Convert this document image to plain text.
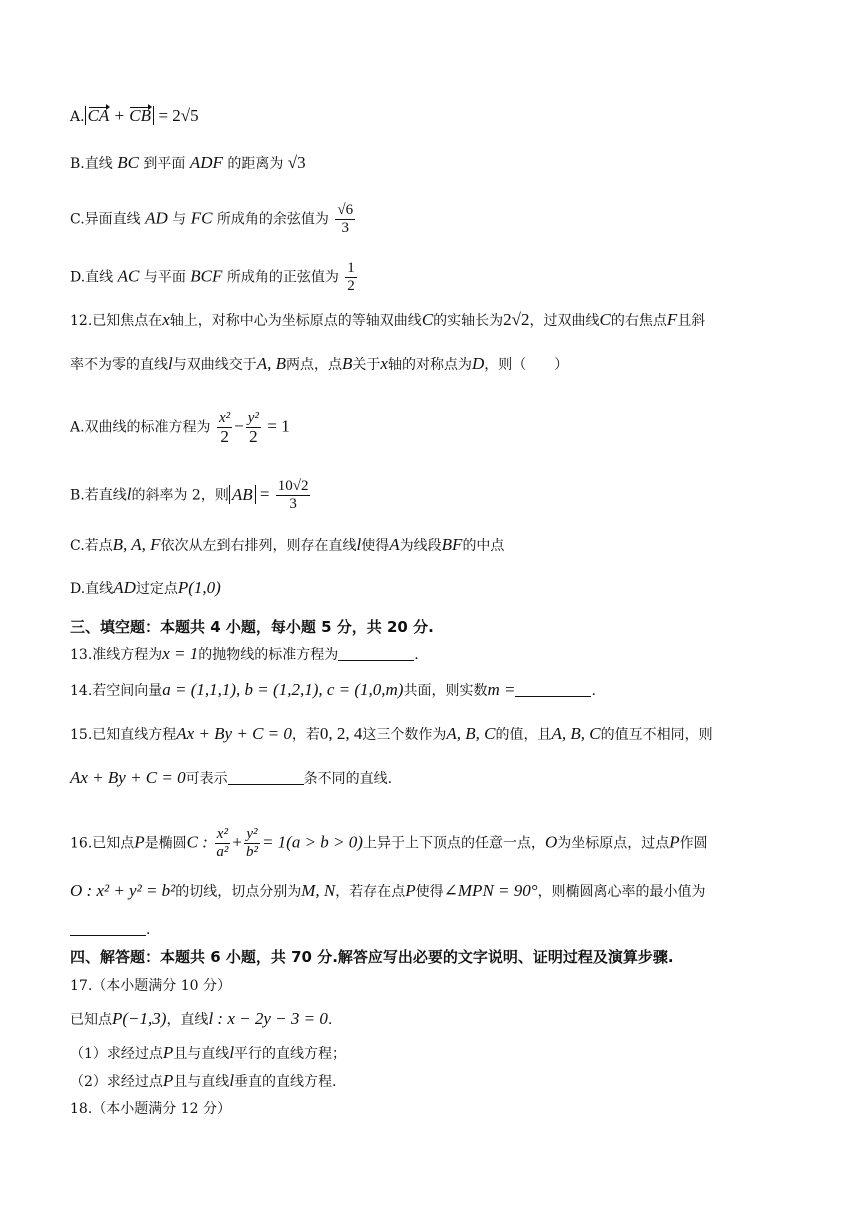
A. CA + CB = 2√5
B.直线 BC 到平面 ADF 的距离为 √3
C.异面直线 AD 与 FC 所成角的余弦值为 $\frac{√6}{3}$
D.直线 AC 与平面 BCF 所成角的正弦值为 $\frac{1}{2}$
12.已知焦点在x轴上，对称中心为坐标原点的等轴双曲线C的实轴长为2√2，过双曲线C的右焦点F且斜
率不为零的直线l与双曲线交于A, B两点，点B关于x轴的对称点为D，则（　　）
A.双曲线的标准方程为 $\frac{\text{x²}}{2} - \frac{\text{y²}}{2} = 1$
B.若直线l的斜率为 2，则 AB = $\frac{10√2}{3}$
C.若点B, A, F依次从左到右排列，则存在直线l使得A为线段BF的中点
D.直线AD过定点P(1,0)
三、填空题：本题共 4 小题，每小题 5 分，共 20 分.
13.准线方程为x = 1的抛物线的标准方程为	.
14.若空间向量a = (1,1,1), b = (1,2,1), c = (1,0,m)共面，则实数m =	.
15.已知直线方程Ax + By + C = 0，若0, 2, 4这三个数作为A, B, C的值，且A, B, C的值互不相同，则
Ax + By + C = 0可表示	条不同的直线.
16.已知点P是椭圆C : $\frac{\text{x²}}{\text{a²}} + \frac{\text{y²}}{\text{b²}} = 1(a > b > 0)$上异于上下顶点的任意一点，O为坐标原点，过点P作圆
O : x² + y² = b²的切线，切点分别为M, N，若存在点P使得∠MPN = 90°，则椭圆离心率的最小值为
.
四、解答题：本题共 6 小题，共 70 分.解答应写出必要的文字说明、证明过程及演算步骤.
17.（本小题满分 10 分）
已知点P(−1,3)，直线l : x − 2y − 3 = 0.
（1）求经过点P且与直线l平行的直线方程；
（2）求经过点P且与直线l垂直的直线方程.
18.（本小题满分 12 分）
